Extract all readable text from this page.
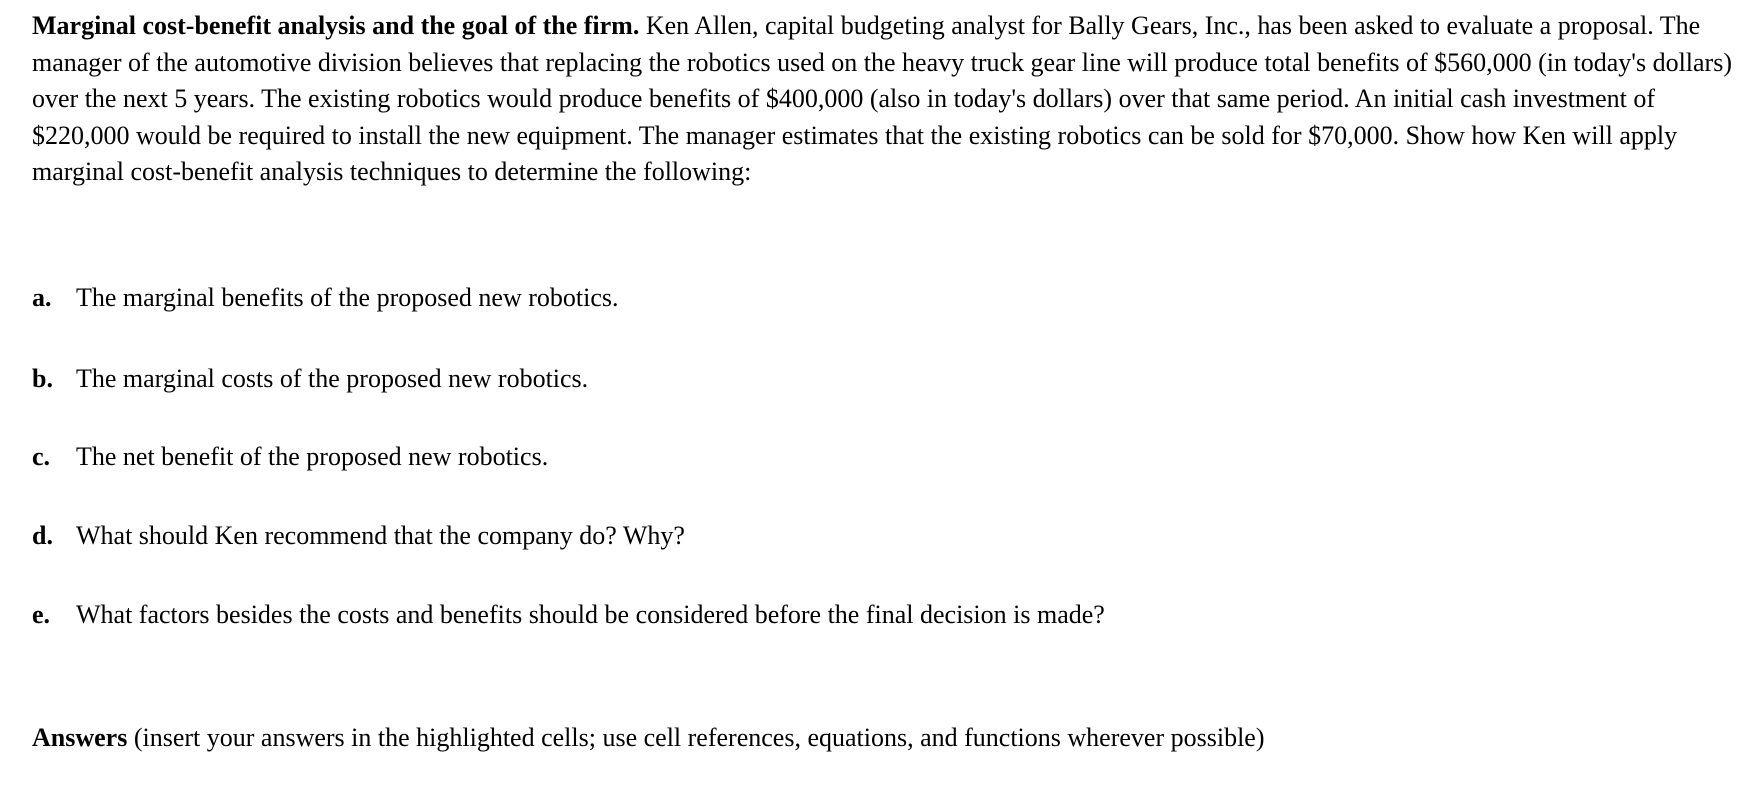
Marginal cost-benefit analysis and the goal of the firm. Ken Allen, capital budgeting analyst for Bally Gears, Inc., has been asked to evaluate a proposal. The manager of the automotive division believes that replacing the robotics used on the heavy truck gear line will produce total benefits of $560,000 (in today's dollars) over the next 5 years. The existing robotics would produce benefits of $400,000 (also in today's dollars) over that same period. An initial cash investment of $220,000 would be required to install the new equipment. The manager estimates that the existing robotics can be sold for $70,000. Show how Ken will apply marginal cost-benefit analysis techniques to determine the following:

a. The marginal benefits of the proposed new robotics.
b. The marginal costs of the proposed new robotics.
c. The net benefit of the proposed new robotics.
d. What should Ken recommend that the company do? Why?
e. What factors besides the costs and benefits should be considered before the final decision is made?
Answers (insert your answers in the highlighted cells; use cell references, equations, and functions wherever possible)
